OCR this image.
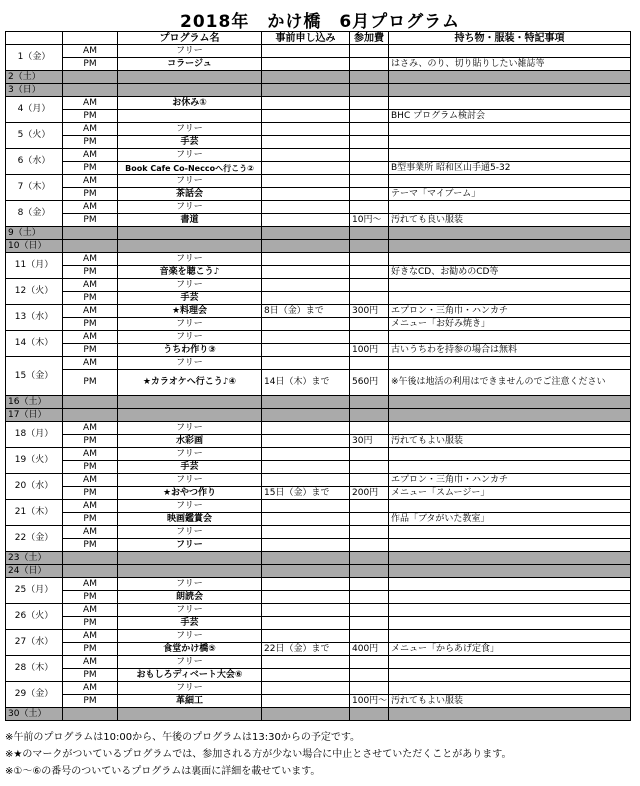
2018年　かけ橋　6月プログラム
		プログラム名	事前申し込み	参加費	持ち物・服装・特記事項
1（金）	AM	フリー			
	PM	コラージュ			はさみ、のり、切り貼りしたい雑誌等
2（土）					
3（日）					
4（月）	AM	お休み①			
	PM				BHC プログラム検討会
5（火）	AM	フリー			
	PM	手芸			
6（水）	AM	フリー			
	PM	Book Cafe Co-Neccoへ行こう②			B型事業所 昭和区山手通5-32
7（木）	AM	フリー			
	PM	茶話会			テーマ「マイブーム」
8（金）	AM	フリー			
	PM	書道		10円～	汚れても良い服装
9（土）					
10（日）					
11（月）	AM	フリー			
	PM	音楽を聴こう♪			好きなCD、お勧めのCD等
12（火）	AM	フリー			
	PM	手芸			
13（水）	AM	★料理会	8日（金）まで	300円	エプロン・三角巾・ハンカチ
	PM	フリー			メニュー「お好み焼き」
14（木）	AM	フリー			
	PM	うちわ作り③		100円	古いうちわを持参の場合は無料
15（金）	AM	フリー			
	PM	★カラオケへ行こう♪④	14日（木）まで	560円	※午後は地活の利用はできませんのでご注意ください
16（土）					
17（日）					
18（月）	AM	フリー			
	PM	水彩画		30円	汚れてもよい服装
19（火）	AM	フリー			
	PM	手芸			
20（水）	AM	フリー			エプロン・三角巾・ハンカチ
	PM	★おやつ作り	15日（金）まで	200円	メニュー「スムージー」
21（木）	AM	フリー			
	PM	映画鑑賞会			作品「ブタがいた教室」
22（金）	AM	フリー			
	PM	フリー			
23（土）					
24（日）					
25（月）	AM	フリー			
	PM	朗読会			
26（火）	AM	フリー			
	PM	手芸			
27（水）	AM	フリー			
	PM	食堂かけ橋⑤	22日（金）まで	400円	メニュー「からあげ定食」
28（木）	AM	フリー			
	PM	おもしろディベート大会⑥			
29（金）	AM	フリー			
	PM	革細工		100円～	汚れてもよい服装
30（土）					
※午前のプログラムは10:00から、午後のプログラムは13:30からの予定です。
※★のマークがついているプログラムでは、参加される方が少ない場合に中止とさせていただくことがあります。
※①～⑥の番号のついているプログラムは裏面に詳細を載せています。
